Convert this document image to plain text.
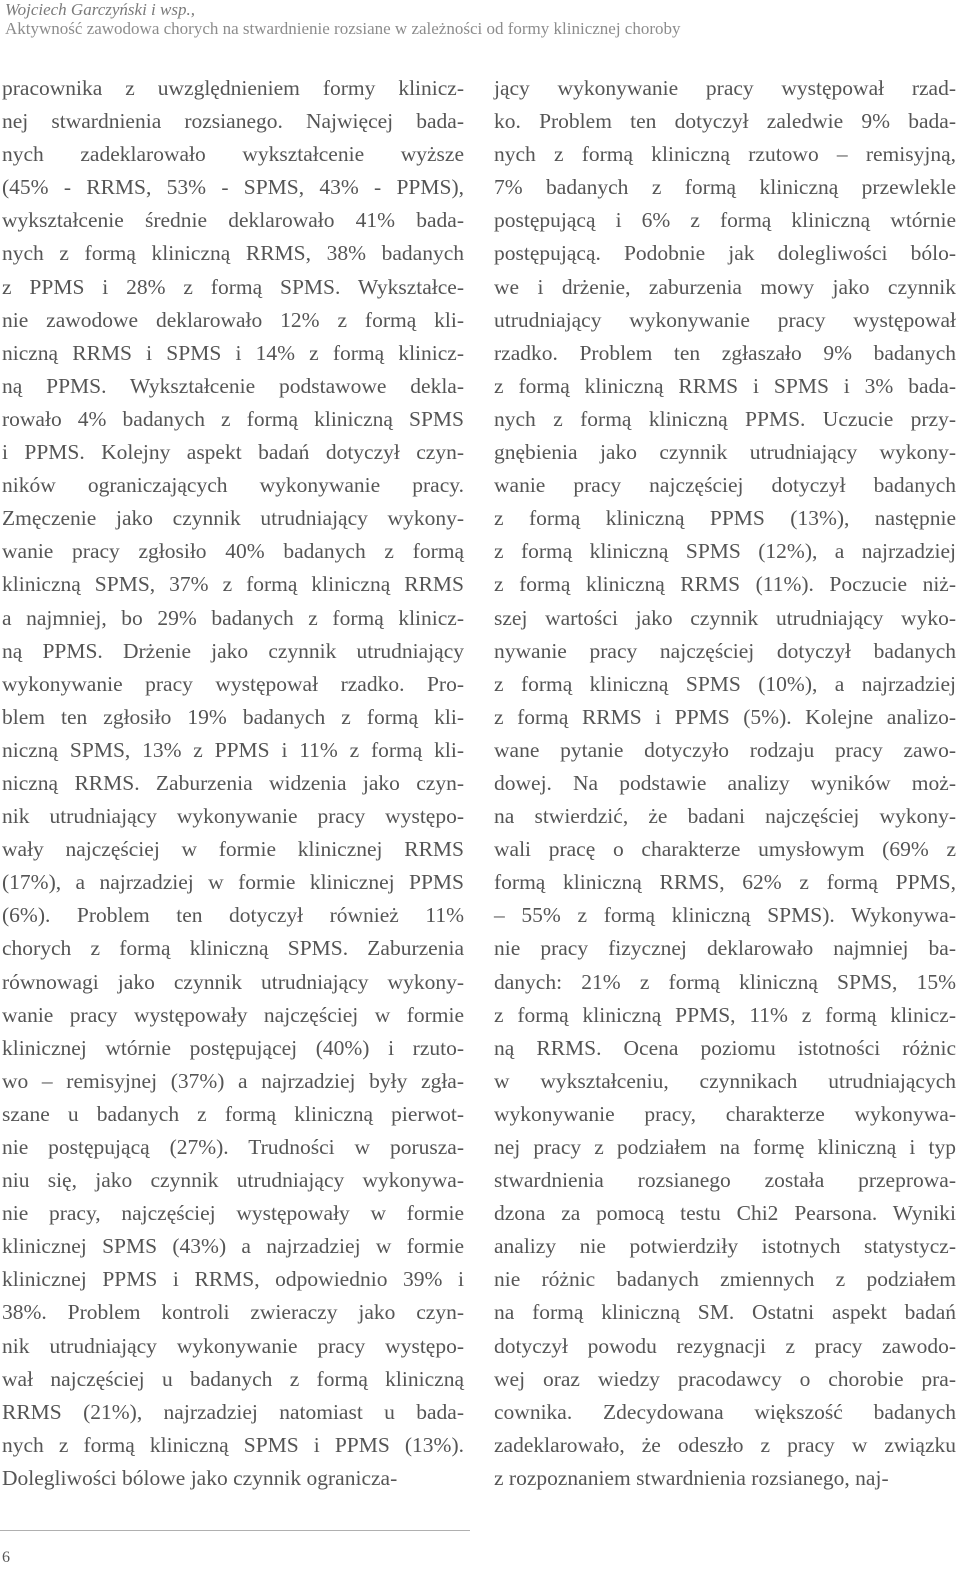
Wojciech Garczyński i wsp.,
Aktywność zawodowa chorych na stwardnienie rozsiane w zależności od formy klinicznej choroby
pracownika z uwzględnieniem formy klinicz-
nej stwardnienia rozsianego. Najwięcej bada-
nych zadeklarowało wykształcenie wyższe
(45% - RRMS, 53% - SPMS, 43% - PPMS),
wykształcenie średnie deklarowało 41% bada-
nych z formą kliniczną RRMS, 38% badanych
z PPMS i 28% z formą SPMS. Wykształce-
nie zawodowe deklarowało 12% z formą kli-
niczną RRMS i SPMS i 14% z formą klinicz-
ną PPMS. Wykształcenie podstawowe dekla-
rowało 4% badanych z formą kliniczną SPMS
i PPMS. Kolejny aspekt badań dotyczył czyn-
ników ograniczających wykonywanie pracy.
Zmęczenie jako czynnik utrudniający wykony-
wanie pracy zgłosiło 40% badanych z formą
kliniczną SPMS, 37% z formą kliniczną RRMS
a najmniej, bo 29% badanych z formą klinicz-
ną PPMS. Drżenie jako czynnik utrudniający
wykonywanie pracy występował rzadko. Pro-
blem ten zgłosiło 19% badanych z formą kli-
niczną SPMS, 13% z PPMS i 11% z formą kli-
niczną RRMS. Zaburzenia widzenia jako czyn-
nik utrudniający wykonywanie pracy występo-
wały najczęściej w formie klinicznej RRMS
(17%), a najrzadziej w formie klinicznej PPMS
(6%). Problem ten dotyczył również 11%
chorych z formą kliniczną SPMS. Zaburzenia
równowagi jako czynnik utrudniający wykony-
wanie pracy występowały najczęściej w formie
klinicznej wtórnie postępującej (40%) i rzuto-
wo – remisyjnej (37%) a najrzadziej były zgła-
szane u badanych z formą kliniczną pierwot-
nie postępującą (27%). Trudności w porusza-
niu się, jako czynnik utrudniający wykonywa-
nie pracy, najczęściej występowały w formie
klinicznej SPMS (43%) a najrzadziej w formie
klinicznej PPMS i RRMS, odpowiednio 39% i
38%. Problem kontroli zwieraczy jako czyn-
nik utrudniający wykonywanie pracy występo-
wał najczęściej u badanych z formą kliniczną
RRMS (21%), najrzadziej natomiast u bada-
nych z formą kliniczną SPMS i PPMS (13%).
Dolegliwości bólowe jako czynnik ogranicza-
jący wykonywanie pracy występował rzad-
ko. Problem ten dotyczył zaledwie 9% bada-
nych z formą kliniczną rzutowo – remisyjną,
7% badanych z formą kliniczną przewlekle
postępującą i 6% z formą kliniczną wtórnie
postępującą. Podobnie jak dolegliwości bólo-
we i drżenie, zaburzenia mowy jako czynnik
utrudniający wykonywanie pracy występował
rzadko. Problem ten zgłaszało 9% badanych
z formą kliniczną RRMS i SPMS i 3% bada-
nych z formą kliniczną PPMS. Uczucie przy-
gnębienia jako czynnik utrudniający wykony-
wanie pracy najczęściej dotyczył badanych
z formą kliniczną PPMS (13%), następnie
z formą kliniczną SPMS (12%), a najrzadziej
z formą kliniczną RRMS (11%). Poczucie niż-
szej wartości jako czynnik utrudniający wyko-
nywanie pracy najczęściej dotyczył badanych
z formą kliniczną SPMS (10%), a najrzadziej
z formą RRMS i PPMS (5%). Kolejne analizo-
wane pytanie dotyczyło rodzaju pracy zawo-
dowej. Na podstawie analizy wyników moż-
na stwierdzić, że badani najczęściej wykony-
wali pracę o charakterze umysłowym (69% z
formą kliniczną RRMS, 62% z formą PPMS,
– 55% z formą kliniczną SPMS). Wykonywa-
nie pracy fizycznej deklarowało najmniej ba-
danych: 21% z formą kliniczną SPMS, 15%
z formą kliniczną PPMS, 11% z formą klinicz-
ną RRMS. Ocena poziomu istotności różnic
w wykształceniu, czynnikach utrudniających
wykonywanie pracy, charakterze wykonywa-
nej pracy z podziałem na formę kliniczną i typ
stwardnienia rozsianego została przeprowa-
dzona za pomocą testu Chi2 Pearsona. Wyniki
analizy nie potwierdziły istotnych statystycz-
nie różnic badanych zmiennych z podziałem
na formą kliniczną SM. Ostatni aspekt badań
dotyczył powodu rezygnacji z pracy zawodo-
wej oraz wiedzy pracodawcy o chorobie pra-
cownika. Zdecydowana większość badanych
zadeklarowało, że odeszło z pracy w związku
z rozpoznaniem stwardnienia rozsianego, naj-
6
